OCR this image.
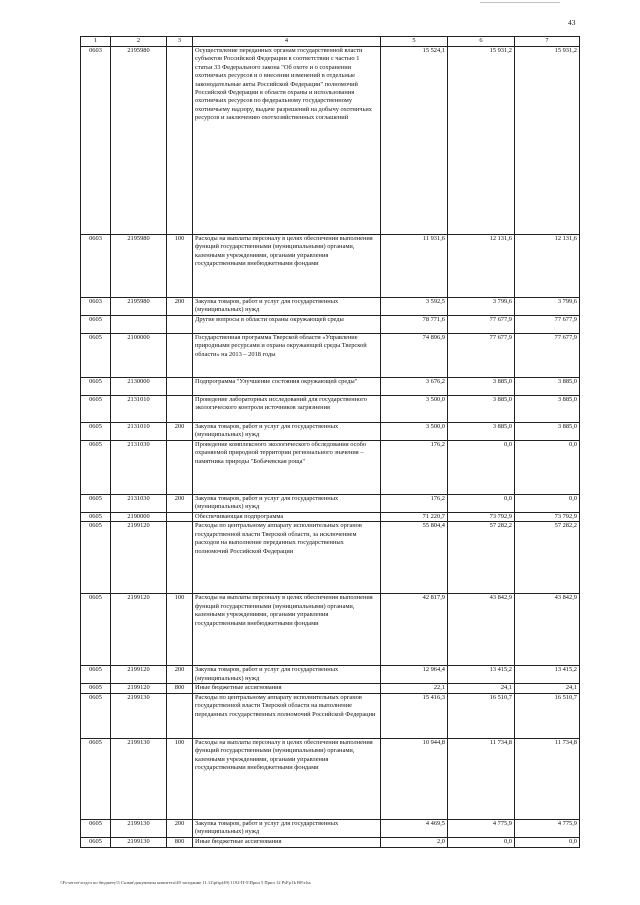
43
1	2	3	4	5	6	7
0603	2195980		Осуществление переданных органам государственной власти субъектов Российской Федерации в соответствии с частью 1 статьи 33 Федерального закона "Об охоте и о сохранении охотничьих ресурсов и о внесении изменений в отдельные законодательные акты Российской Федерации" полномочий Российской Федерации в области охраны и использования охотничьих ресурсов по федеральному государственному охотничьему надзору, выдаче разрешений на добычу охотничьих ресурсов и заключению охотхозяйственных соглашений	15 524,1	15 931,2	15 931,2
0603	2195980	100	Расходы на выплаты персоналу в целях обеспечения выполнения функций государственными (муниципальными) органами, казенными учреждениями, органами управления государственными внебюджетными фондами	11 931,6	12 131,6	12 131,6
0603	2195980	200	Закупка товаров, работ и услуг для государственных (муниципальных) нужд	3 592,5	3 799,6	3 799,6
0605			Другие вопросы в области охраны окружающей среды	78 771,6	77 677,9	77 677,9
0605	2100000		Государственная программа Тверской области «Управление природными ресурсами и охрана окружающей среды Тверской области» на 2013 – 2018 годы	74 896,9	77 677,9	77 677,9
0605	2130000		Подпрограмма "Улучшение состояния окружающей среды"	3 676,2	3 885,0	3 885,0
0605	2131010		Проведение лабораторных исследований для государственного экологического контроля источников загрязнения	3 500,0	3 885,0	3 885,0
0605	2131010	200	Закупка товаров, работ и услуг для государственных (муниципальных) нужд	3 500,0	3 885,0	3 885,0
0605	2131030		Проведение комплексного экологического обследования особо охраняемой природной территории регионального значения – памятника природы "Бобачевская роща"	176,2	0,0	0,0
0605	2131030	200	Закупка товаров, работ и услуг для государственных (муниципальных) нужд	176,2	0,0	0,0
0605	2190000		Обеспечивающая подпрограмма	71 220,7	73 792,9	73 792,9
0605	2199120		Расходы по центральному аппарату исполнительных органов государственной власти Тверской области, за исключением расходов на выполнение переданных государственных полномочий Российской Федерации	55 804,4	57 282,2	57 282,2
0605	2199120	100	Расходы на выплаты персоналу в целях обеспечения выполнения функций государственными (муниципальными) органами, казенными учреждениями, органами управления государственными внебюджетными фондами	42 817,9	43 842,9	43 842,9
0605	2199120	200	Закупка товаров, работ и услуг для государственных (муниципальных) нужд	12 964,4	13 415,2	13 415,2
0605	2199120	800	Иные бюджетные ассигнования	22,1	24,1	24,1
0605	2199130		Расходы по центральному аппарату исполнительных органов государственной власти Тверской области на выполнение переданных государственных полномочий Российской Федерации	15 416,3	16 510,7	16 510,7
0605	2199130	100	Расходы на выплаты персоналу в целях обеспечения выполнения функций государственными (муниципальными) органами, казенными учреждениями, органами управления государственными внебюджетными фондами	10 944,8	11 734,8	11 734,8
0605	2199130	200	Закупка товаров, работ и услуг для государственных (муниципальных) нужд	4 469,5	4 775,9	4 775,9
0605	2199130	800	Иные бюджетные ассигнования	2,0	0,0	0,0
\\Fs-server\отдел по бюджету\5 Созыв\документы комитета\49 заседание 11.12\pfsp(49) 1192-П-5\Прил 5 Прил 12 PsFp Ik BP.xlsx
